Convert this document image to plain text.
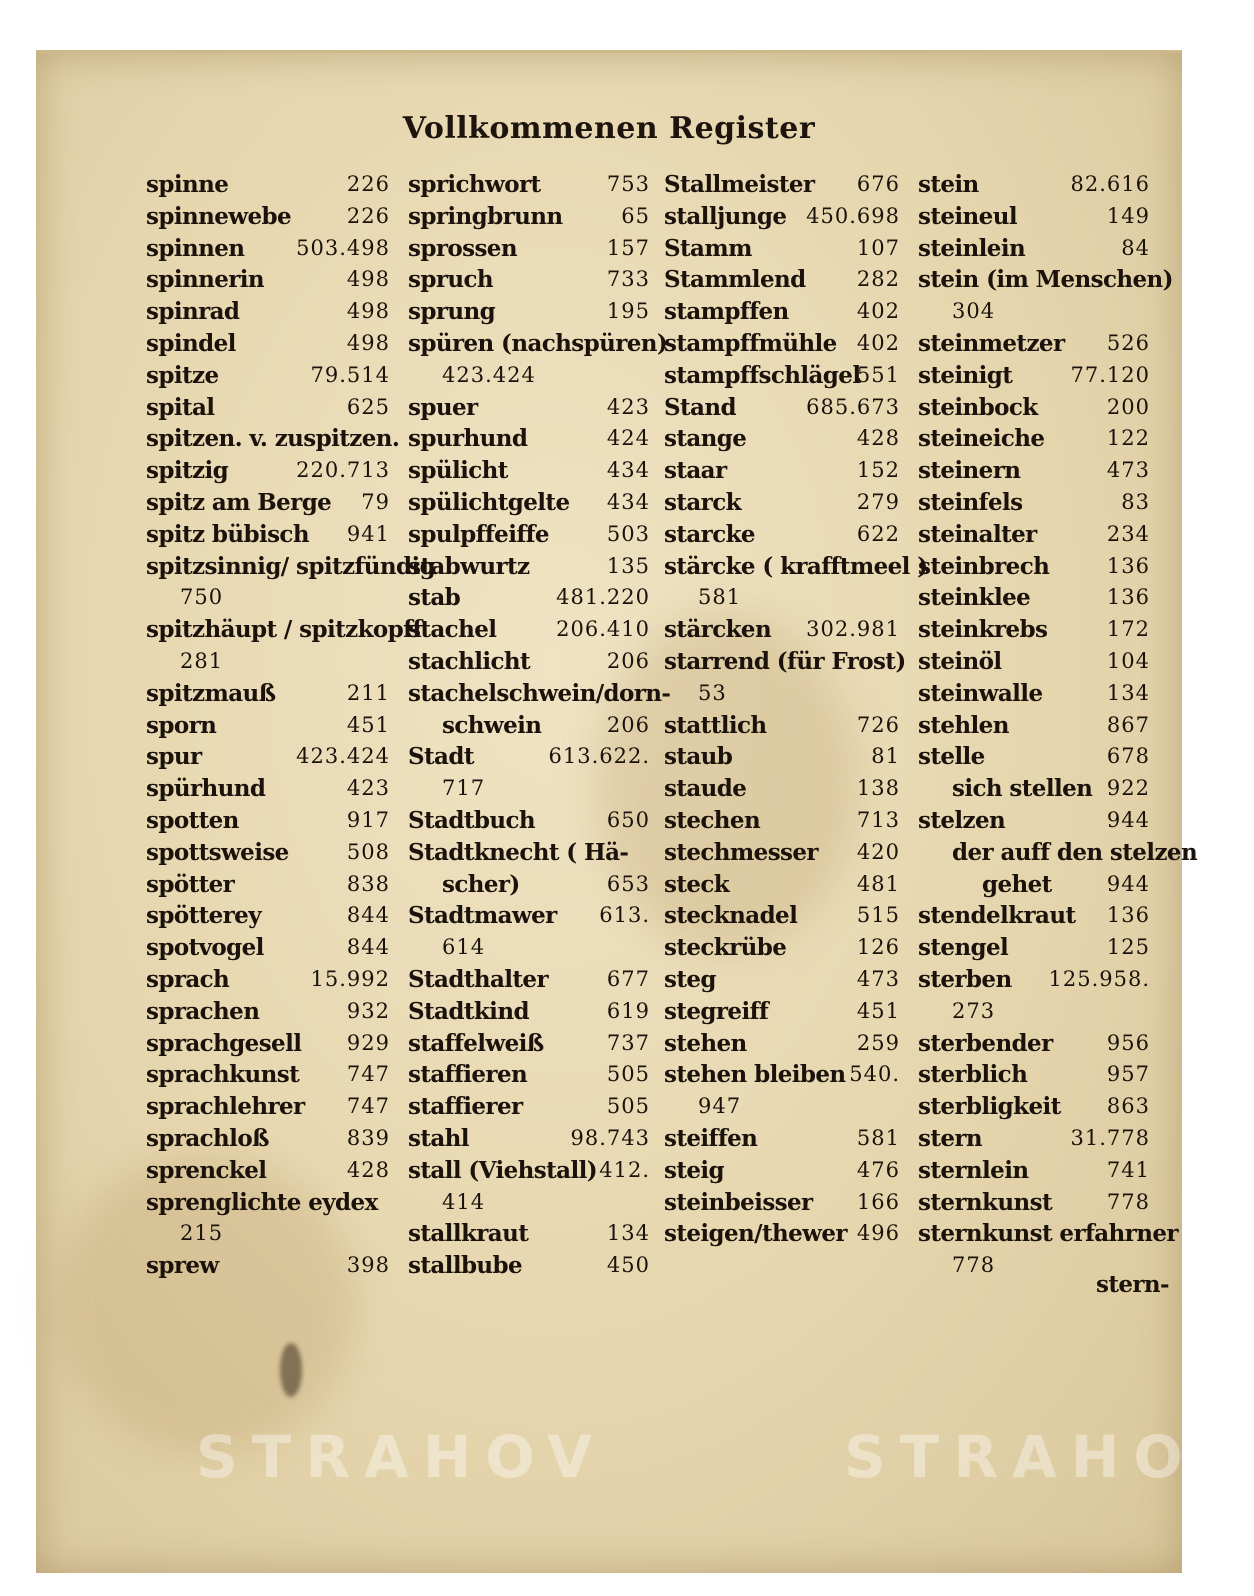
Vollkommenen Register
spinne	226
spinnewebe	226
spinnen 503.498
spinnerin	498
spinrad	498
spindel	498
spitze	79.514
spital	625
spitzen. v. zuspitzen.
spitzig	220.713
spitz am Berge 79
spitz bübisch 941
spitzsinnig/ spitzfündig
750
spitzhäupt / spitzkopff
281
spitzmauß	211
sporn	451
spur	423.424
spürhund	423
spotten	917
spottsweise	508
spötter	838
spötterey	844
spotvogel	844
sprach	15.992
sprachen	932
sprachgesell 929
sprachkunst 747
sprachlehrer 747
sprachloß	839
sprenckel	428
sprenglichte eydex
215
sprew	398
sprichwort	753
springbrunn	65
sprossen	157
spruch	733
sprung	195
spüren (nachspüren)
423.424
spuer	423
spurhund	424
spülicht	434
spülichtgelte 434
spulpffeiffe	503
stabwurtz	135
stab	481.220
stachel	206.410
stachlicht	206
stachelschwein/dorn-
schwein	206
Stadt	613.622.
717
Stadtbuch	650
Stadtknecht ( Hä-
scher)	653
Stadtmawer 613.
614
Stadthalter	677
Stadtkind	619
staffelweiß	737
staffieren	505
staffierer	505
stahl	98.743
stall (Viehstall) 412.
414
stallkraut	134
stallbube	450
Stallmeister 676
stalljunge 450.698
Stamm	107
Stammlend 282
stampffen	402
stampffmühle 402
stampffschlägel
551
Stand	685.673
stange	428
staar	152
starck	279
starcke	622
stärcke ( krafftmeel )
581
stärcken 302.981
starrend (für Frost)
53
stattlich	726
staub	81
staude	138
stechen	713
stechmesser 420
steck	481
stecknadel	515
steckrübe	126
steg	473
stegreiff	451
stehen	259
stehen bleiben 540.
947
steiffen	581
steig	476
steinbeisser 166
steigen/thewer 496
stein	82.616
steineul	149
steinlein	84
stein (im Menschen)
304
steinmetzer 526
steinigt	77.120
steinbock	200
steineiche	122
steinern	473
steinfels	83
steinalter	234
steinbrech	136
steinklee	136
steinkrebs	172
steinöl	104
steinwalle	134
stehlen	867
stelle	678
sich stellen 922
stelzen	944
der auff den stelzen
gehet	944
stendelkraut 136
stengel	125
sterben 125.958.
273
sterbender	956
sterblich	957
sterbligkeit 863
stern	31.778
sternlein	741
sternkunst	778
sternkunst erfahrner
778
stern-
STRAHOV	STRAHOV
